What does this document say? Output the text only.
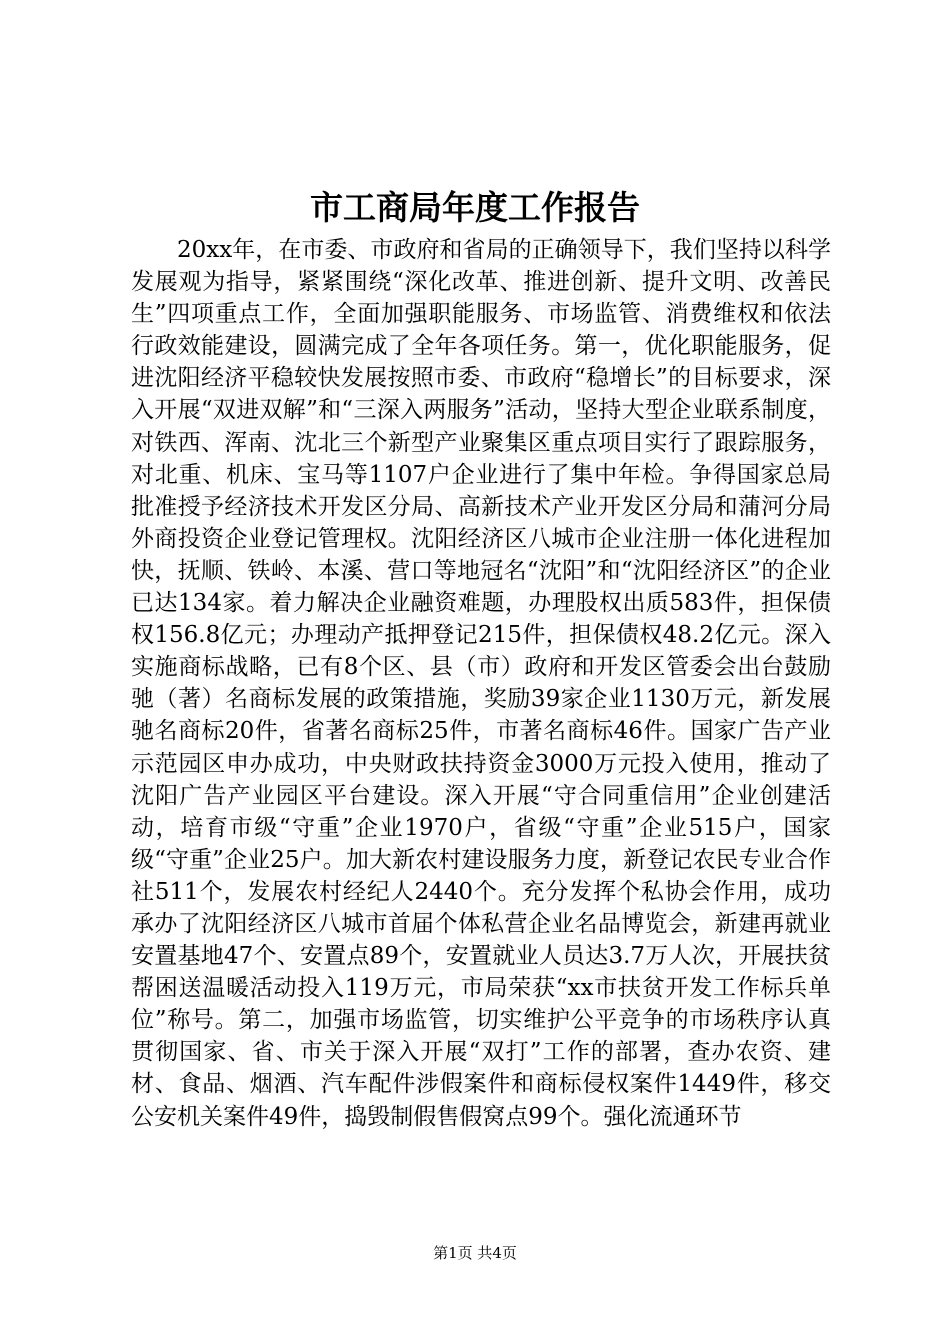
市工商局年度工作报告

20xx年，在市委、市政府和省局的正确领导下，我们坚持以科学发展观为指导，紧紧围绕“深化改革、推进创新、提升文明、改善民生”四项重点工作，全面加强职能服务、市场监管、消费维权和依法行政效能建设，圆满完成了全年各项任务。第一，优化职能服务，促进沈阳经济平稳较快发展按照市委、市政府“稳增长”的目标要求，深入开展“双进双解”和“三深入两服务”活动，坚持大型企业联系制度，对铁西、浑南、沈北三个新型产业聚集区重点项目实行了跟踪服务，对北重、机床、宝马等1107户企业进行了集中年检。争得国家总局批准授予经济技术开发区分局、高新技术产业开发区分局和蒲河分局外商投资企业登记管理权。沈阳经济区八城市企业注册一体化进程加快，抚顺、铁岭、本溪、营口等地冠名“沈阳”和“沈阳经济区”的企业已达134家。着力解决企业融资难题，办理股权出质583件，担保债权156.8亿元；办理动产抵押登记215件，担保债权48.2亿元。深入实施商标战略，已有8个区、县（市）政府和开发区管委会出台鼓励驰（著）名商标发展的政策措施，奖励39家企业1130万元，新发展驰名商标20件，省著名商标25件，市著名商标46件。国家广告产业示范园区申办成功，中央财政扶持资金3000万元投入使用，推动了沈阳广告产业园区平台建设。深入开展“守合同重信用”企业创建活动，培育市级“守重”企业1970户，省级“守重”企业515户，国家级“守重”企业25户。加大新农村建设服务力度，新登记农民专业合作社511个，发展农村经纪人2440个。充分发挥个私协会作用，成功承办了沈阳经济区八城市首届个体私营企业名品博览会，新建再就业安置基地47个、安置点89个，安置就业人员达3.7万人次，开展扶贫帮困送温暖活动投入119万元，市局荣获“xx市扶贫开发工作标兵单位”称号。第二，加强市场监管，切实维护公平竞争的市场秩序认真贯彻国家、省、市关于深入开展“双打”工作的部署，查办农资、建材、食品、烟酒、汽车配件涉假案件和商标侵权案件1449件，移交公安机关案件49件，捣毁制假售假窝点99个。强化流通环节

第1页 共4页
